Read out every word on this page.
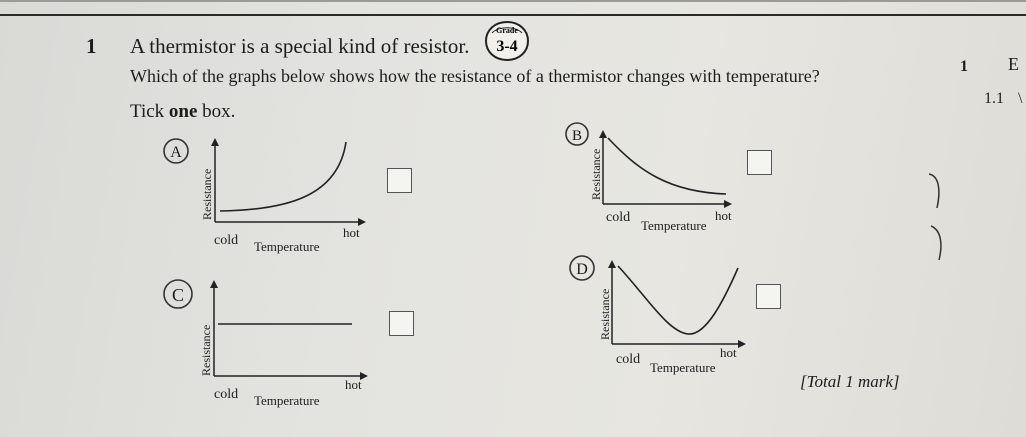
1 A thermistor is a special kind of resistor.
Grade
3-4
Which of the graphs below shows how the resistance of a thermistor changes with temperature?
Tick one box.
1 E
1.1 \
A
Resistance
cold Temperature
hot
B
Resistance
cold
Temperature
hot
C
Resistance
cold Temperature
hot
D
Resistance
cold
Temperature
hot
[Total 1 mark]
